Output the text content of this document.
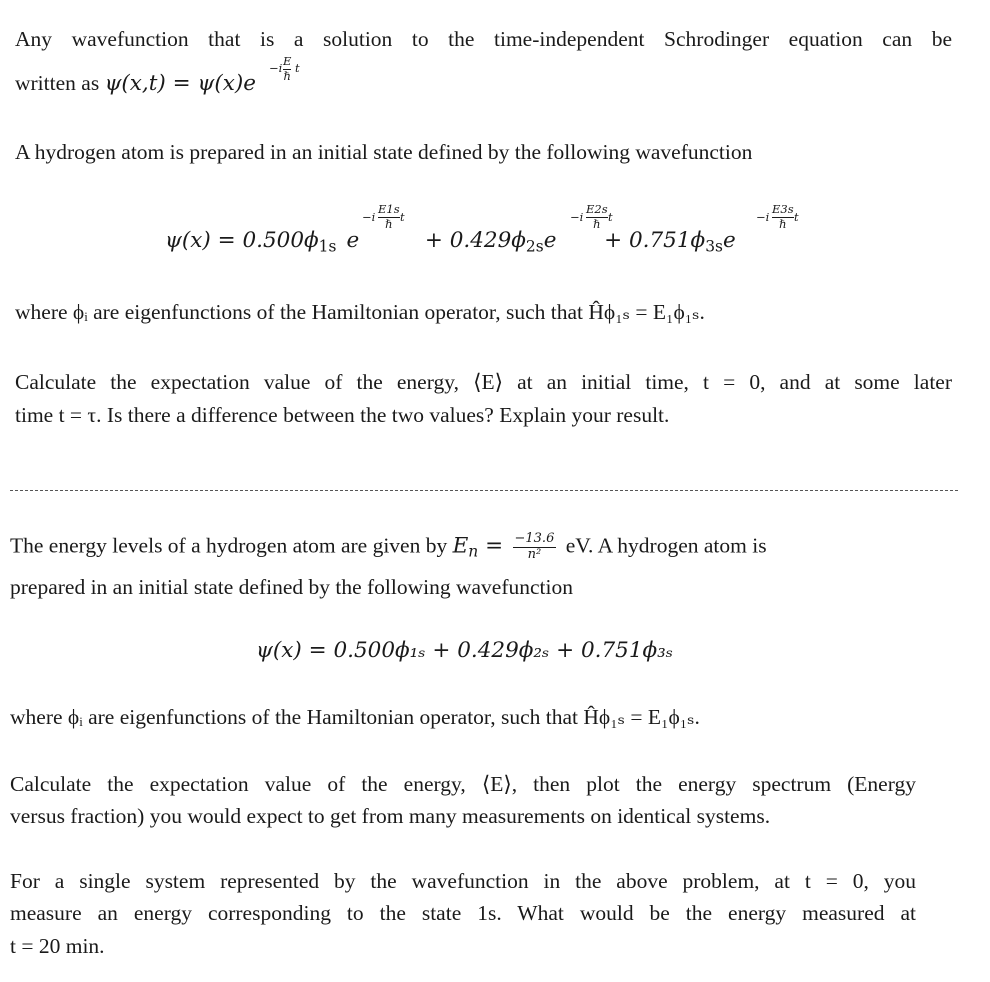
Any wavefunction that is a solution to the time-independent Schrodinger equation can be
written as ψ(x,t) = ψ(x)e
−i E
ℏ
t
A hydrogen atom is prepared in an initial state defined by the following wavefunction
$\psi(x) = 0.500\phi_{1s}$ e	+ $0.429\phi_{2s}e + 0.751\phi_{3s}e$
−i
E1s
ℏ t	−i
E2s
ℏ t	−i
E3s
ℏ t
where ϕᵢ are eigenfunctions of the Hamiltonian operator, such that Ĥϕ₁ₛ = E₁ϕ₁ₛ.
Calculate the expectation value of the energy, ⟨E⟩ at an initial time, t = 0, and at some later
time t = τ. Is there a difference between the two values? Explain your result.
The energy levels of a hydrogen atom are given by $E_n = \frac{-13.6}{\text{n²}}$ eV. A hydrogen atom is
prepared in an initial state defined by the following wavefunction
ψ(x) = 0.500ϕ₁ₛ + 0.429ϕ₂ₛ + 0.751ϕ₃ₛ
where ϕᵢ are eigenfunctions of the Hamiltonian operator, such that Ĥϕ₁ₛ = E₁ϕ₁ₛ.
Calculate the expectation value of the energy, ⟨E⟩, then plot the energy spectrum (Energy
versus fraction) you would expect to get from many measurements on identical systems.
For a single system represented by the wavefunction in the above problem, at t = 0, you
measure an energy corresponding to the state 1s. What would be the energy measured at
t = 20 min.
